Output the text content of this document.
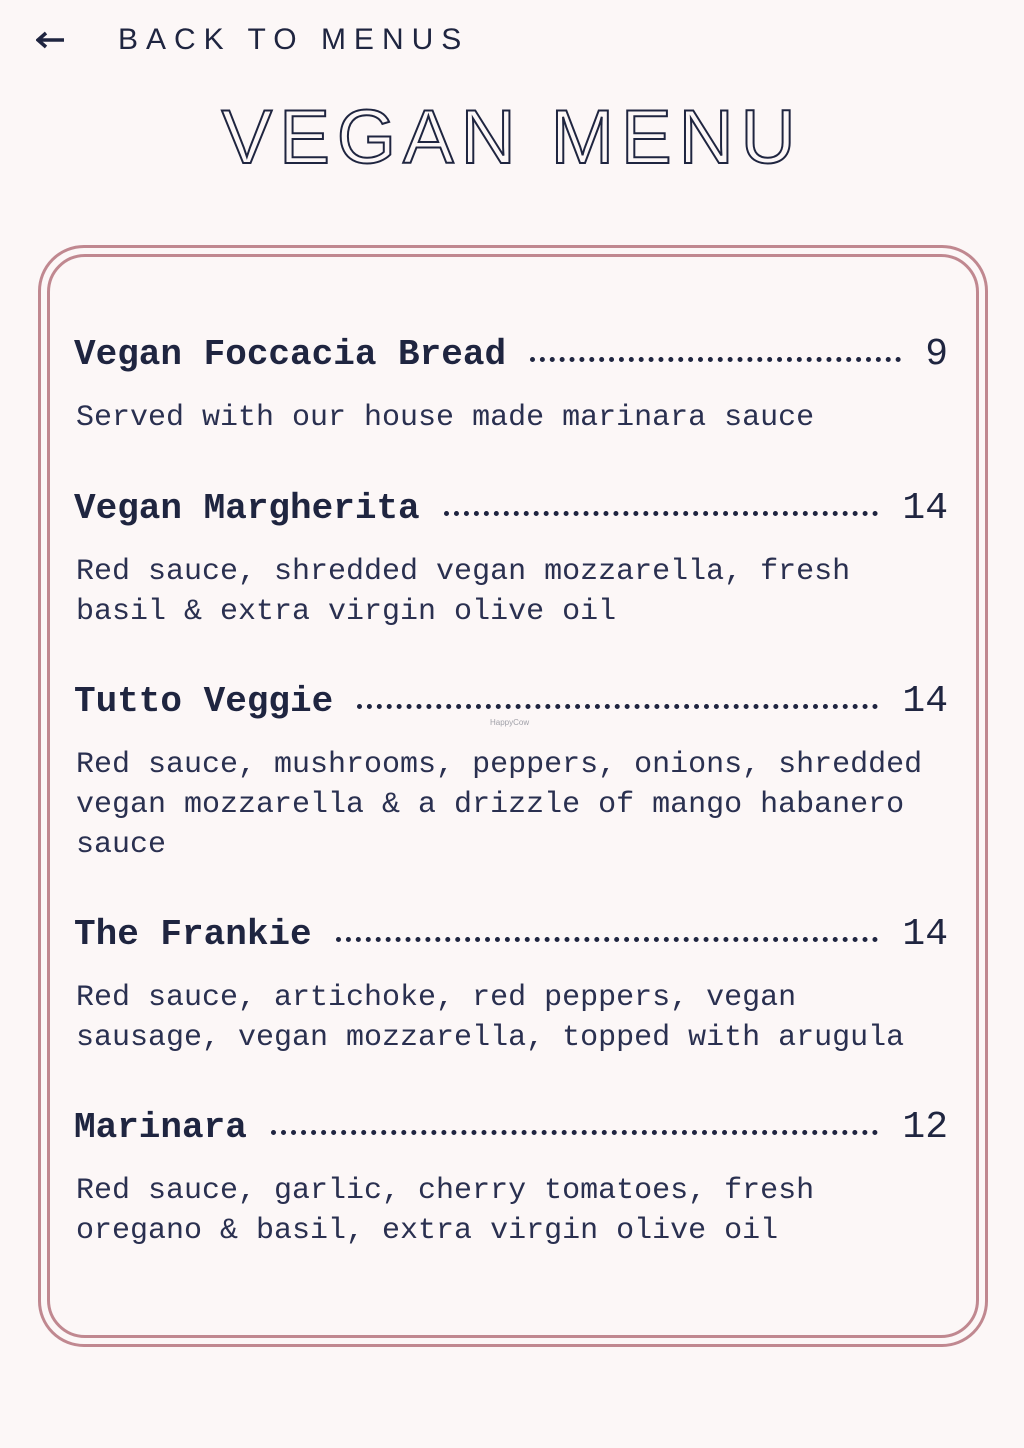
BACK TO MENUS
VEGAN MENU
Vegan Foccacia Bread	9
Served with our house made marinara sauce
Vegan Margherita	14
Red sauce, shredded vegan mozzarella, fresh basil & extra virgin olive oil
Tutto Veggie	14
Red sauce, mushrooms, peppers, onions, shredded vegan mozzarella & a drizzle of mango habanero sauce
The Frankie	14
Red sauce, artichoke, red peppers, vegan sausage, vegan mozzarella, topped with arugula
Marinara	12
Red sauce, garlic, cherry tomatoes, fresh oregano & basil, extra virgin olive oil
HappyCow
